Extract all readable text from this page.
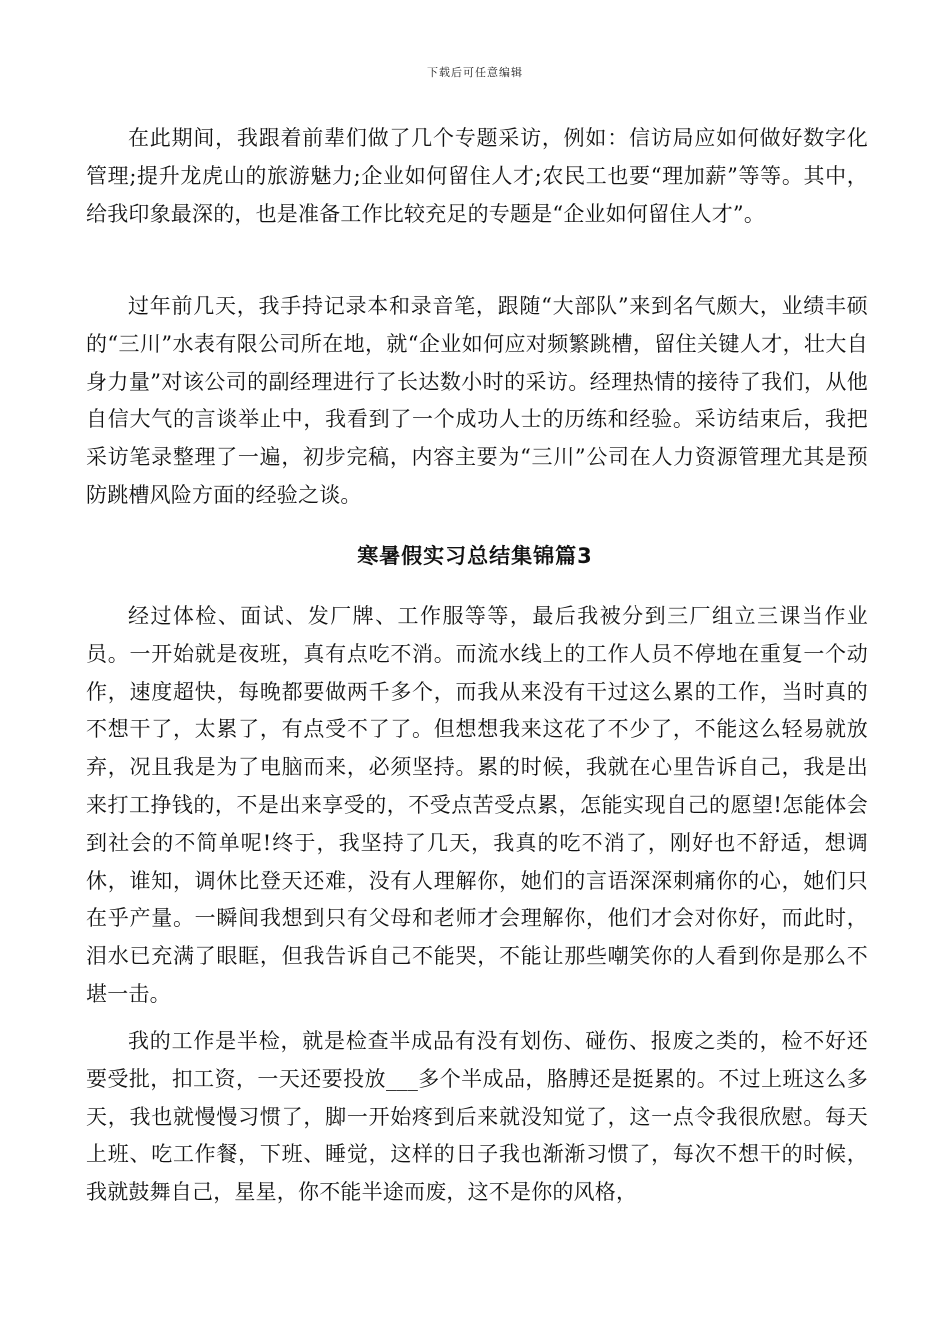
下载后可任意编辑

在此期间，我跟着前辈们做了几个专题采访，例如：信访局应如何做好数字化管理;提升龙虎山的旅游魅力;企业如何留住人才;农民工也要“理加薪”等等。其中，给我印象最深的，也是准备工作比较充足的专题是“企业如何留住人才”。

过年前几天，我手持记录本和录音笔，跟随“大部队”来到名气颇大，业绩丰硕的“三川”水表有限公司所在地，就“企业如何应对频繁跳槽，留住关键人才，壮大自身力量”对该公司的副经理进行了长达数小时的采访。经理热情的接待了我们，从他自信大气的言谈举止中，我看到了一个成功人士的历练和经验。采访结束后，我把采访笔录整理了一遍，初步完稿，内容主要为“三川”公司在人力资源管理尤其是预防跳槽风险方面的经验之谈。

寒暑假实习总结集锦篇3

经过体检、面试、发厂牌、工作服等等，最后我被分到三厂组立三课当作业员。一开始就是夜班，真有点吃不消。而流水线上的工作人员不停地在重复一个动作，速度超快，每晚都要做两千多个，而我从来没有干过这么累的工作，当时真的不想干了，太累了，有点受不了了。但想想我来这花了不少了，不能这么轻易就放弃，况且我是为了电脑而来，必须坚持。累的时候，我就在心里告诉自己，我是出来打工挣钱的，不是出来享受的，不受点苦受点累，怎能实现自己的愿望!怎能体会到社会的不简单呢!终于，我坚持了几天，我真的吃不消了，刚好也不舒适，想调休，谁知，调休比登天还难，没有人理解你，她们的言语深深刺痛你的心，她们只在乎产量。一瞬间我想到只有父母和老师才会理解你，他们才会对你好，而此时，泪水已充满了眼眶，但我告诉自己不能哭，不能让那些嘲笑你的人看到你是那么不堪一击。

我的工作是半检，就是检查半成品有没有划伤、碰伤、报废之类的，检不好还要受批，扣工资，一天还要投放___多个半成品，胳膊还是挺累的。不过上班这么多天，我也就慢慢习惯了，脚一开始疼到后来就没知觉了，这一点令我很欣慰。每天上班、吃工作餐，下班、睡觉，这样的日子我也渐渐习惯了，每次不想干的时候，我就鼓舞自己，星星，你不能半途而废，这不是你的风格，
